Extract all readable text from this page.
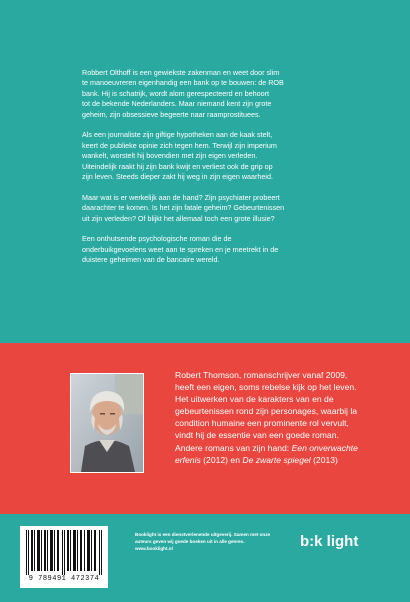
Robbert Olthoff is een gewiekste zakenman en weet door slim
te manoeuvreren eigenhandig een bank op te bouwen: de ROB
bank. Hij is schatrijk, wordt alom gerespecteerd en behoort
tot de bekende Nederlanders. Maar niemand kent zijn grote
geheim, zijn obsessieve begeerte naar raamprostituees.

Als een journaliste zijn giftige hypotheken aan de kaak stelt,
keert de publieke opinie zich tegen hem. Terwijl zijn imperium
wankelt, worstelt hij bovendien met zijn eigen verleden.
Uiteindelijk raakt hij zijn bank kwijt en verliest ook de grip op
zijn leven. Steeds dieper zakt hij weg in zijn eigen waarheid.

Maar wat is er werkelijk aan de hand? Zijn psychiater probeert
daarachter te komen. Is het zijn fatale geheim? Gebeurtenissen
uit zijn verleden? Of blijkt het allemaal toch een grote illusie?

Een onthutsende psychologische roman die de
onderbuikgevoelens weet aan te spreken en je meetrekt in de
duistere geheimen van de bancaire wereld.

Robert Thomson, romanschrijver vanaf 2009, heeft een eigen, soms rebelse kijk op het leven. Het uitwerken van de karakters van en de gebeurtenissen rond zijn personages, waarbij la condition humaine een prominente rol vervult, vindt hij de essentie van een goede roman. Andere romans van zijn hand: Een onverwachte erfenis (2012) en De zwarte spiegel (2013)
9 789491 472374
Booklight is een dienstverlenende uitgeverij. Samen met onze auteurs geven wij goede boeken uit in alle genres.
www.booklight.nl	b:k light
